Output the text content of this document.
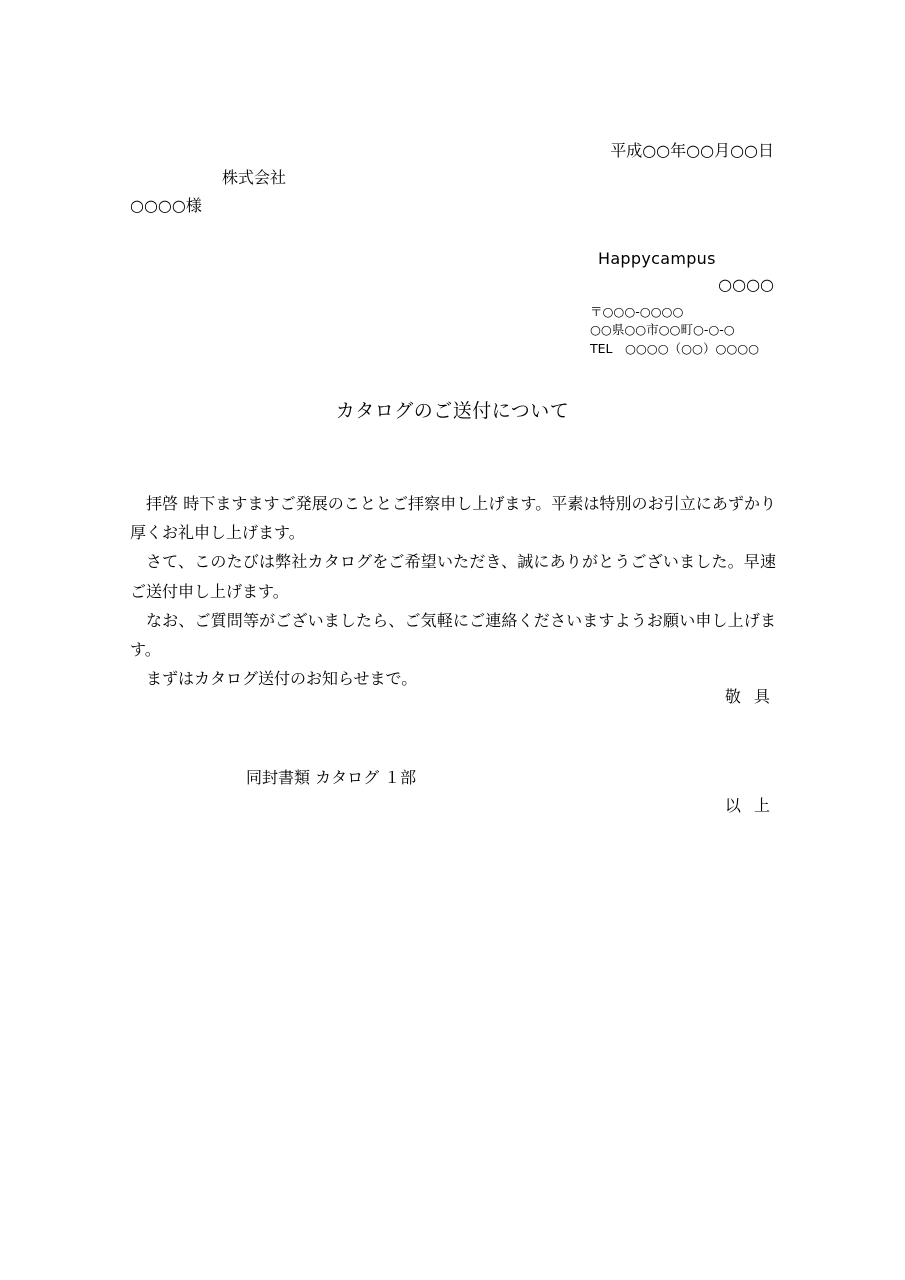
平成○○年○○月○○日
株式会社
○○○○様
Happycampus
○○○○
〒○○○-○○○○
○○県○○市○○町○-○-○
TEL　○○○○（○○）○○○○
カタログのご送付について

拝啓 時下ますますご発展のこととご拝察申し上げます。平素は特別のお引立にあずかり厚くお礼申し上げます。

さて、このたびは弊社カタログをご希望いただき、誠にありがとうございました。早速ご送付申し上げます。

なお、ご質問等がございましたら、ご気軽にご連絡くださいますようお願い申し上げます。

まずはカタログ送付のお知らせまで。

敬 具
同封書類 カタログ １部
以 上
